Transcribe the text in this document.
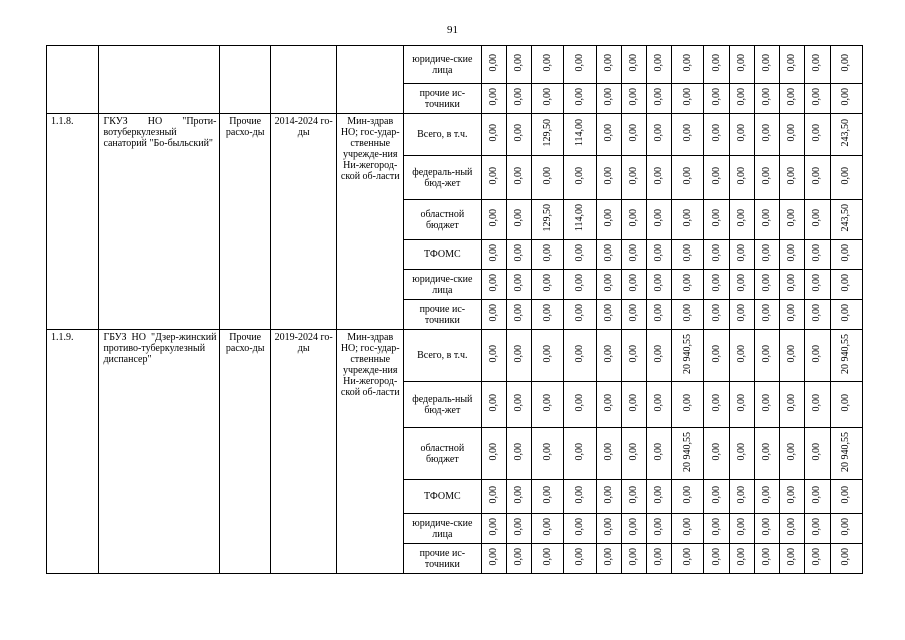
91
					юридиче-ские лица	0,00	0,00	0,00	0,00	0,00	0,00	0,00	0,00	0,00	0,00	0,00	0,00	0,00	0,00
					прочие ис-точники	0,00	0,00	0,00	0,00	0,00	0,00	0,00	0,00	0,00	0,00	0,00	0,00	0,00	0,00
1.1.8.	ГКУЗ НО "Проти-вотуберкулезный санаторий "Бо-быльский"	Прочие расхо-ды	2014-2024 го-ды	Мин-здрав НО; гос-удар-ственные учрежде-ния Ни-жегород-ской об-ласти	Всего, в т.ч.	0,00	0,00	129,50	114,00	0,00	0,00	0,00	0,00	0,00	0,00	0,00	0,00	0,00	243,50
					федераль-ный бюд-жет	0,00	0,00	0,00	0,00	0,00	0,00	0,00	0,00	0,00	0,00	0,00	0,00	0,00	0,00
					областной бюджет	0,00	0,00	129,50	114,00	0,00	0,00	0,00	0,00	0,00	0,00	0,00	0,00	0,00	243,50
					ТФОМС	0,00	0,00	0,00	0,00	0,00	0,00	0,00	0,00	0,00	0,00	0,00	0,00	0,00	0,00
					юридиче-ские лица	0,00	0,00	0,00	0,00	0,00	0,00	0,00	0,00	0,00	0,00	0,00	0,00	0,00	0,00
					прочие ис-точники	0,00	0,00	0,00	0,00	0,00	0,00	0,00	0,00	0,00	0,00	0,00	0,00	0,00	0,00
1.1.9.	ГБУЗ НО "Дзер-жинский противо-туберкулезный диспансер"	Прочие расхо-ды	2019-2024 го-ды	Мин-здрав НО; гос-удар-ственные учрежде-ния Ни-жегород-ской об-ласти	Всего, в т.ч.	0,00	0,00	0,00	0,00	0,00	0,00	0,00	20 940,55	0,00	0,00	0,00	0,00	0,00	20 940,55
					федераль-ный бюд-жет	0,00	0,00	0,00	0,00	0,00	0,00	0,00	0,00	0,00	0,00	0,00	0,00	0,00	0,00
					областной бюджет	0,00	0,00	0,00	0,00	0,00	0,00	0,00	20 940,55	0,00	0,00	0,00	0,00	0,00	20 940,55
					ТФОМС	0,00	0,00	0,00	0,00	0,00	0,00	0,00	0,00	0,00	0,00	0,00	0,00	0,00	0,00
					юридиче-ские лица	0,00	0,00	0,00	0,00	0,00	0,00	0,00	0,00	0,00	0,00	0,00	0,00	0,00	0,00
					прочие ис-точники	0,00	0,00	0,00	0,00	0,00	0,00	0,00	0,00	0,00	0,00	0,00	0,00	0,00	0,00
